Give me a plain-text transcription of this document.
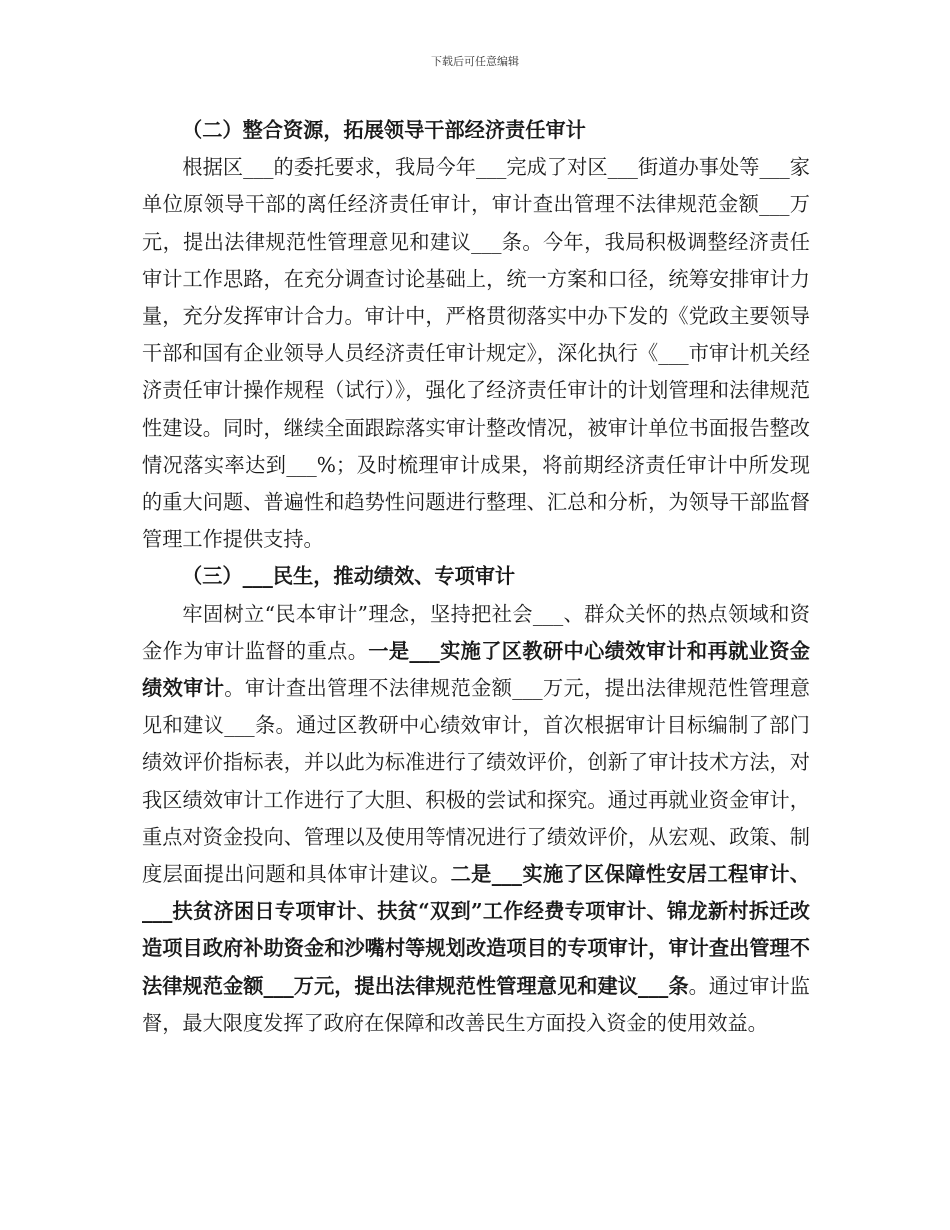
下载后可任意编辑

（二）整合资源，拓展领导干部经济责任审计

根据区___的委托要求，我局今年___完成了对区___街道办事处等___家单位原领导干部的离任经济责任审计，审计查出管理不法律规范金额___万元，提出法律规范性管理意见和建议___条。今年，我局积极调整经济责任审计工作思路，在充分调查讨论基础上，统一方案和口径，统筹安排审计力量，充分发挥审计合力。审计中，严格贯彻落实中办下发的《党政主要领导干部和国有企业领导人员经济责任审计规定》，深化执行《___市审计机关经济责任审计操作规程（试行）》，强化了经济责任审计的计划管理和法律规范性建设。同时，继续全面跟踪落实审计整改情况，被审计单位书面报告整改情况落实率达到___%；及时梳理审计成果，将前期经济责任审计中所发现的重大问题、普遍性和趋势性问题进行整理、汇总和分析，为领导干部监督管理工作提供支持。

（三）___民生，推动绩效、专项审计

牢固树立“民本审计”理念，坚持把社会___、群众关怀的热点领域和资金作为审计监督的重点。一是___实施了区教研中心绩效审计和再就业资金绩效审计。审计查出管理不法律规范金额___万元，提出法律规范性管理意见和建议___条。通过区教研中心绩效审计，首次根据审计目标编制了部门绩效评价指标表，并以此为标准进行了绩效评价，创新了审计技术方法，对我区绩效审计工作进行了大胆、积极的尝试和探究。通过再就业资金审计，重点对资金投向、管理以及使用等情况进行了绩效评价，从宏观、政策、制度层面提出问题和具体审计建议。二是___实施了区保障性安居工程审计、___扶贫济困日专项审计、扶贫“双到”工作经费专项审计、锦龙新村拆迁改造项目政府补助资金和沙嘴村等规划改造项目的专项审计，审计查出管理不法律规范金额___万元，提出法律规范性管理意见和建议___条。通过审计监督，最大限度发挥了政府在保障和改善民生方面投入资金的使用效益。
